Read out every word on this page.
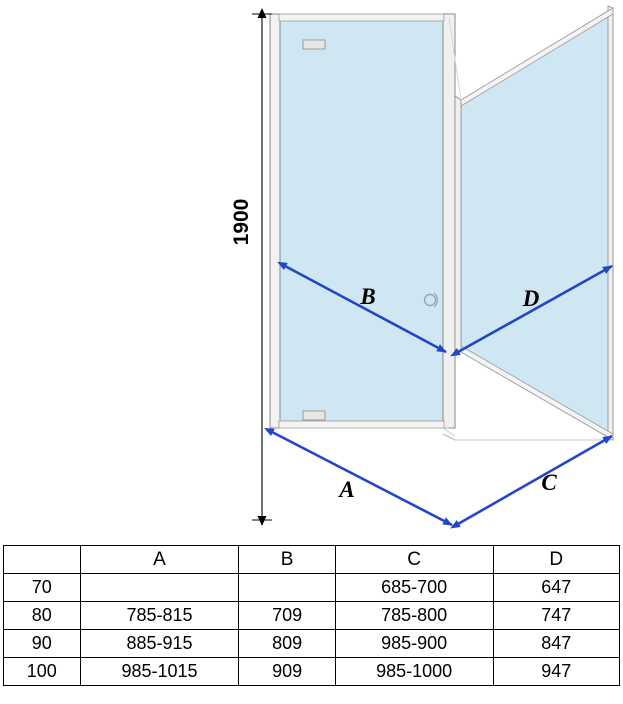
1900
B	D
A	C
	A	B	C	D
70			685-700	647
80	785-815	709	785-800	747
90	885-915	809	985-900	847
100	985-1015	909	985-1000	947
